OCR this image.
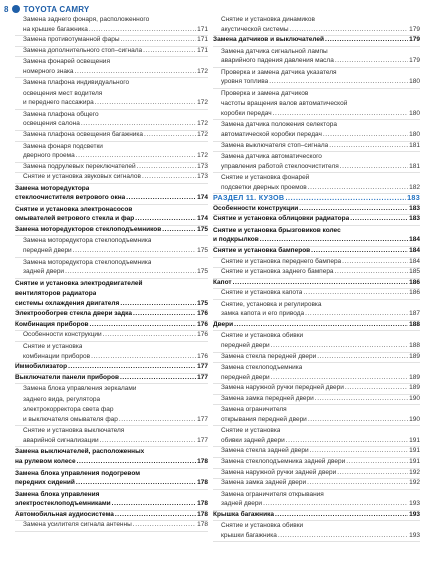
8 TOYOTA CAMRY
Замена заднего фонаря, расположенного
на крышке багажника .....	171
Замена противотуманной фары .....	171
Замена дополнительного стоп–сигнала .....	171
Замена фонарей освещения
номерного знака .....	172
Замена плафона индивидуального
освещения мест водителя
и переднего пассажира .....	172
Замена плафона общего
освещения салона .....	172
Замена плафона освещения багажника .....	172
Замена фонаря подсветки
дверного проема .....	172
Замена подрулевых переключателей .....	173
Снятие и установка звуковых сигналов .....	173
Замена моторедуктора
стеклоочистителя ветрового окна .....	174
Снятие и установка электронасосов
омывателей ветрового стекла и фар .....	174
Замена моторедукторов стеклоподъемников .....	175
Замена моторедуктора стеклоподъемника
передней двери .....	175
Замена моторедуктора стеклоподъемника
задней двери .....	175
Снятие и установка электродвигателей
вентиляторов радиатора
системы охлаждения двигателя .....	175
Электрообогрев стекла двери задка .....	176
Комбинация приборов .....	176
Особенности конструкции .....	176
Снятие и установка
комбинации приборов .....	176
Иммобилизатор .....	177
Выключатели панели приборов .....	177
Замена блока управления зеркалами
заднего вида, регулятора
электрокорректора света фар
и выключателя омывателя фар .....	177
Снятие и установка выключателя
аварийной сигнализации .....	177
Замена выключателей, расположенных
на рулевом колесе .....	178
Замена блока управления подогревом
передних сидений .....	178
Замена блока управления
электростеклоподъемниками .....	178
Автомобильная аудиосистема .....	178
Замена усилителя сигнала антенны .....	178
Снятие и установка динамиков
акустической системы .....	179
Замена датчиков и выключателей .....	179
Замена датчика сигнальной лампы
аварийного падения давления масла .....	179
Проверка и замена датчика указателя
уровня топлива .....	180
Проверка и замена датчиков
частоты вращения валов автоматической
коробки передач .....	180
Замена датчика положения селектора
автоматической коробки передач .....	180
Замена выключателя стоп–сигнала .....	181
Замена датчика автоматического
управления работой стеклоочистителя .....	181
Снятие и установка фонарей
подсветки дверных проемов .....	182
РАЗДЕЛ 11. КУЗОВ .....	183
Особенности конструкции .....	183
Снятие и установка облицовки радиатора .....	183
Снятие и установка брызговиков колес
и подкрылков .....	184
Снятие и установка бамперов .....	184
Снятие и установка переднего бампера .....	184
Снятие и установка заднего бампера .....	185
Капот .....	186
Снятие и установка капота .....	186
Снятие, установка и регулировка
замка капота и его привода .....	187
Двери .....	188
Снятие и установка обивки
передней двери .....	188
Замена стекла передней двери .....	189
Замена стеклоподъемника
передней двери .....	189
Замена наружной ручки передней двери .....	189
Замена замка передней двери .....	190
Замена ограничителя
открывания передней двери .....	190
Снятие и установка
обивки задней двери .....	191
Замена стекла задней двери .....	191
Замена стеклоподъемника задней двери .....	191
Замена наружной ручки задней двери .....	192
Замена замка задней двери .....	192
Замена ограничителя открывания
задней двери .....	193
Крышка багажника .....	193
Снятие и установка обивки
крышки багажника .....	193
